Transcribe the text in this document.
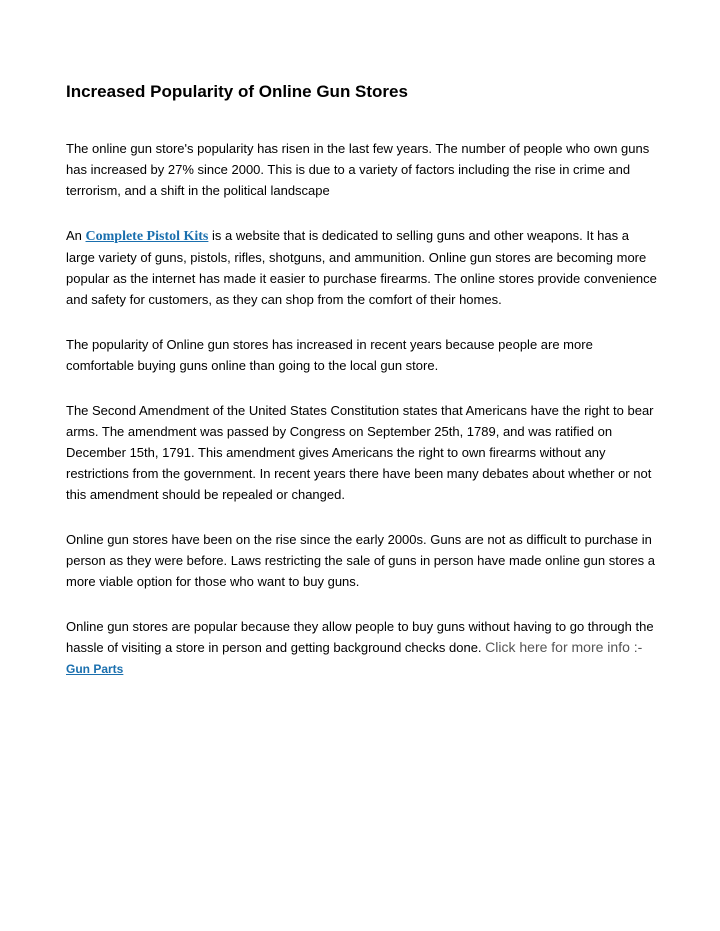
Increased Popularity of Online Gun Stores

The online gun store's popularity has risen in the last few years. The number of people who own guns has increased by 27% since 2000. This is due to a variety of factors including the rise in crime and terrorism, and a shift in the political landscape

An Complete Pistol Kits is a website that is dedicated to selling guns and other weapons. It has a large variety of guns, pistols, rifles, shotguns, and ammunition. Online gun stores are becoming more popular as the internet has made it easier to purchase firearms. The online stores provide convenience and safety for customers, as they can shop from the comfort of their homes.

The popularity of Online gun stores has increased in recent years because people are more comfortable buying guns online than going to the local gun store.

The Second Amendment of the United States Constitution states that Americans have the right to bear arms. The amendment was passed by Congress on September 25th, 1789, and was ratified on December 15th, 1791. This amendment gives Americans the right to own firearms without any restrictions from the government. In recent years there have been many debates about whether or not this amendment should be repealed or changed.

Online gun stores have been on the rise since the early 2000s. Guns are not as difficult to purchase in person as they were before. Laws restricting the sale of guns in person have made online gun stores a more viable option for those who want to buy guns.

Online gun stores are popular because they allow people to buy guns without having to go through the hassle of visiting a store in person and getting background checks done. Click here for more info :-
Gun Parts
